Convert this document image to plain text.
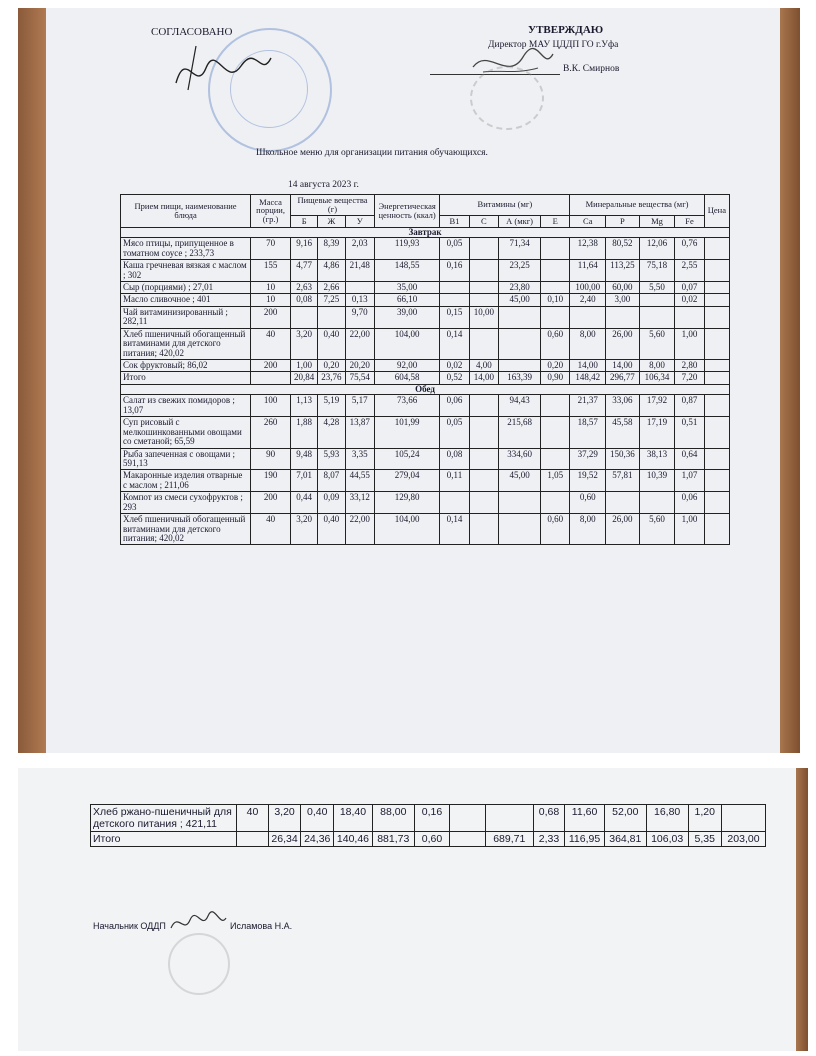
СОГЛАСОВАНО	УТВЕРЖДАЮ
Директор МАУ ЦДДП ГО г.Уфа
В.К. Смирнов
Школьное меню для организации питания обучающихся.
14 августа 2023 г.
Прием пищи, наименование блюда	Масса порции, (гр.)	Пищевые вещества (г)			Энергетическая ценность (ккал)	Витамины (мг)				Минеральные вещества (мг)				Цена
		Б	Ж	У		В1	С	А (мкг)	Е	Ca	P	Mg	Fe	
Завтрак														
Мясо птицы, припущенное в томатном соусе ; 233,73	70	9,16	8,39	2,03	119,93	0,05		71,34		12,38	80,52	12,06	0,76	
Каша гречневая вязкая с маслом ; 302	155	4,77	4,86	21,48	148,55	0,16		23,25		11,64	113,25	75,18	2,55	
Сыр (порциями) ; 27,01	10	2,63	2,66		35,00			23,80		100,00	60,00	5,50	0,07	
Масло сливочное ; 401	10	0,08	7,25	0,13	66,10			45,00	0,10	2,40	3,00		0,02	
Чай витаминизированный ; 282,11	200			9,70	39,00	0,15	10,00							
Хлеб пшеничный обогащенный витаминами для детского питания; 420,02	40	3,20	0,40	22,00	104,00	0,14			0,60	8,00	26,00	5,60	1,00	
Сок фруктовый; 86,02	200	1,00	0,20	20,20	92,00	0,02	4,00		0,20	14,00	14,00	8,00	2,80	
Итого		20,84	23,76	75,54	604,58	0,52	14,00	163,39	0,90	148,42	296,77	106,34	7,20	
Обед														
Салат из свежих помидоров ; 13,07	100	1,13	5,19	5,17	73,66	0,06		94,43		21,37	33,06	17,92	0,87	
Суп рисовый с мелкошинкованными овощами со сметаной; 65,59	260	1,88	4,28	13,87	101,99	0,05		215,68		18,57	45,58	17,19	0,51	
Рыба запеченная с овощами ; 591,13	90	9,48	5,93	3,35	105,24	0,08		334,60		37,29	150,36	38,13	0,64	
Макаронные изделия отварные с маслом ; 211,06	190	7,01	8,07	44,55	279,04	0,11		45,00	1,05	19,52	57,81	10,39	1,07	
Компот из смеси сухофруктов ; 293	200	0,44	0,09	33,12	129,80					0,60			0,06	
Хлеб пшеничный обогащенный витаминами для детского питания; 420,02	40	3,20	0,40	22,00	104,00	0,14			0,60	8,00	26,00	5,60	1,00	
Хлеб ржано-пшеничный для детского питания ; 421,11	40	3,20	0,40	18,40	88,00	0,16			0,68	11,60	52,00	16,80	1,20	
Итого		26,34	24,36	140,46	881,73	0,60		689,71	2,33	116,95	364,81	106,03	5,35	203,00
Начальник ОДДП	Исламова Н.А.
